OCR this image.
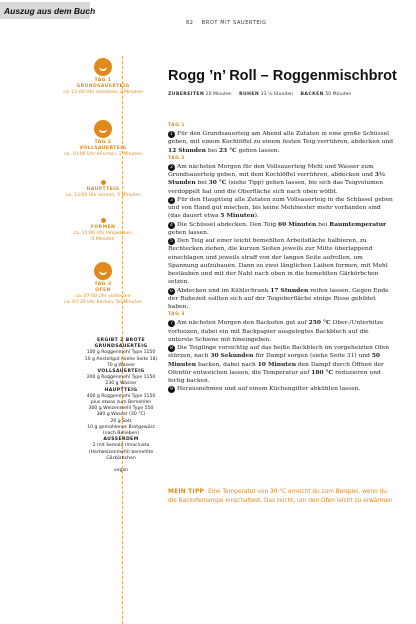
Auszug aus dem Buch
82 BROT MIT SAUERTEIG
TAG 1
GRUNDSAUERTEIG
ca. 22:00 Uhr ansetzen, 2 Minuten
TAG 2
VOLLSAUERTEIG
ca. 10:00 Uhr mischen, 2 Minuten
HAUPTTEIG
ca. 13:00 Uhr kneten, 5 Minuten
FORMEN
ca. 15:00 Uhr langwirken,
5 Minuten
TAG 3
OFEN
ca. 07:00 Uhr vorheizen
ca. 07:30 Uhr backen, 50 Minuten
ERGIBT 2 BROTE
GRUNDSAUERTEIG
100 g Roggenmehl Type 1150
10 g Anstellgut (siehe Seite 18)
70 g Wasser
VOLLSAUERTEIG
200 g Roggenmehl Type 1150
230 g Wasser
HAUPTTEIG
400 g Roggenmehl Type 1150
plus etwas zum Bemehlen
300 g Weizenmehl Type 550
380 g Wasser (30 °C)
20 g Salz
10 g gemahlenes Brotgewürz
(nach Belieben)
AUSSERDEM
2 mit Semola rimacinata
(Hartweizenmehl) bemehlte
Gärkörbchen
vegan
Rogg ’n’ Roll – Roggenmischbrot
ZUBEREITEN 20 Minuten RUHEN 33 ½ Stunden BACKEN 50 Minuten
TAG 1

1 Für den Grundsauerteig am Abend alle Zutaten in eine große Schüssel geben, mit einem Kochlöffel zu einem festen Teig verrühren, abdecken und 12 Stunden bei 23 °C gehen lassen.

TAG 2

2 Am nächsten Morgen für den Vollsauerteig Mehl und Wasser zum Grundsauerteig geben, mit dem Kochlöffel verrühren, abdecken und 3½ Stunden bei 30 °C (siehe Tipp) gehen lassen, bis sich das Teigvolumen verdoppelt hat und die Oberfläche sich nach oben wölbt.

3 Für den Hauptteig alle Zutaten zum Vollsauerteig in die Schüssel geben und von Hand gut mischen, bis keine Mehlnester mehr vorhanden sind (das dauert etwa 5 Minuten).

4 Die Schüssel abdecken. Den Teig 60 Minuten bei Raumtemperatur gehen lassen.

5 Den Teig auf einer leicht bemehlten Arbeitsfläche halbieren, zu Rechtecken ziehen, die kurzen Seiten jeweils zur Mitte überlappend einschlagen und jeweils straff von der langen Seite aufrollen, um Spannung aufzubauen. Dann zu zwei länglichen Laiben formen, mit Mehl bestäuben und mit der Naht nach oben in die bemehlten Gärkörbchen setzen.

6 Abdecken und im Kühlschrank 17 Stunden reifen lassen. Gegen Ende der Ruhezeit sollten sich auf der Teigoberfläche einige Risse gebildet haben.

TAG 3

7 Am nächsten Morgen den Backofen gut auf 250 °C Ober-/Unterhitze vorheizen, dabei ein mit Backpapier ausgelegtes Backblech auf die unterste Schiene mit hineingeben.

8 Die Teiglinge vorsichtig auf das heiße Backblech im vorgeheizten Ofen stürzen, nach 30 Sekunden für Dampf sorgen (siehe Seite 31) und 50 Minuten backen, dabei nach 10 Minuten den Dampf durch Öffnen der Ofentür entweichen lassen, die Temperatur auf 180 °C reduzieren und fertig backen.

9 Herausnehmen und auf einem Küchengitter abkühlen lassen.

MEIN TIPP Eine Temperatur von 30 °C erreicht du zum Beispiel, wenn du die Backofenlampe einschaltest. Das reicht, um den Ofen leicht zu erwärmen.
